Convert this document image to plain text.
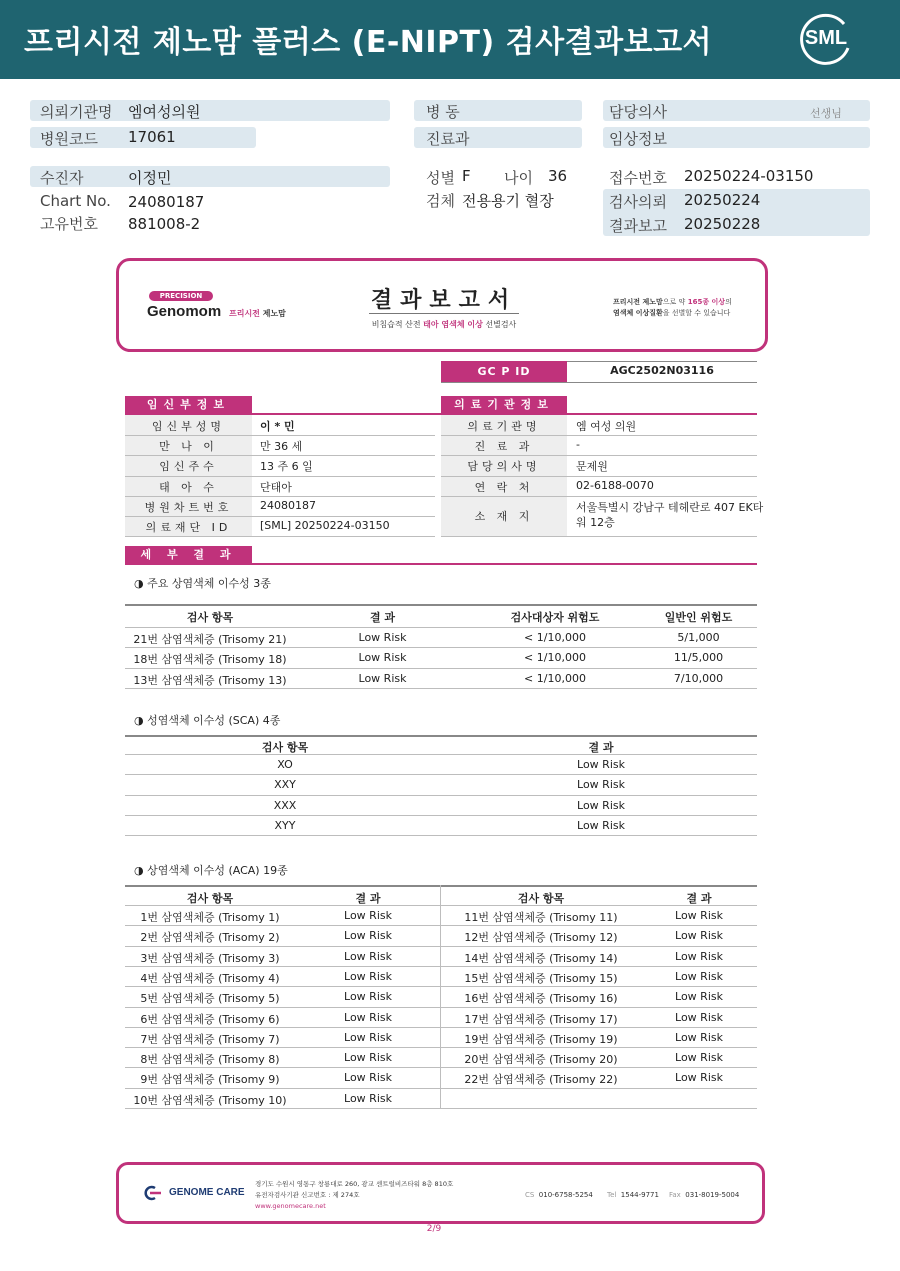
프리시전 제노맘 플러스 (E-NIPT) 검사결과보고서	SML
의뢰기관명 엠여성의원
병원코드 17061
수진자	이정민
Chart No. 24080187
고유번호 881008-2
병 동
진료과
성별 F 나이 36
검체 전용용기 혈장
담당의사	선생님
임상정보
접수번호 20250224-03150
검사의뢰 20250224
결과보고 20250228
PRECISION
Genomom 프리시전 제노맘
결과보고서
비침습적 산전 태아 염색체 이상 선별검사
프리시전 제노맘으로 약 165종 이상의
염색체 이상질환을 선별할 수 있습니다
GC P ID	AGC2502N03116
임신부정보	의료기관정보
임신부성명	이 * 민
만 나 이	만 36 세
임신주수	13 주 6 일
태 아 수	단태아
병원차트번호	24080187
의료재단 ID	[SML] 20250224-03150
의료기관명	엠 여성 의원
진 료 과	-
담당의사명	문제원
연 락 처	02-6188-0070
소 재 지
서울특별시 강남구 테헤란로 407 EK타
워 12층
세 부 결 과
◑ 주요 상염색체 이수성 3종
검사 항목	결 과	검사대상자 위험도	일반인 위험도
21번 삼염색체증 (Trisomy 21)	Low Risk	< 1/10,000	5/1,000
18번 삼염색체증 (Trisomy 18)	Low Risk	< 1/10,000	11/5,000
13번 삼염색체증 (Trisomy 13)	Low Risk	< 1/10,000	7/10,000
◑ 성염색체 이수성 (SCA) 4종
검사 항목	결 과
XO	Low Risk
XXY	Low Risk
XXX	Low Risk
XYY	Low Risk
◑ 상염색체 이수성 (ACA) 19종
검사 항목	결 과	검사 항목	결 과
1번 삼염색체증 (Trisomy 1)	Low Risk	11번 삼염색체증 (Trisomy 11)	Low Risk
2번 삼염색체증 (Trisomy 2)	Low Risk	12번 삼염색체증 (Trisomy 12)	Low Risk
3번 삼염색체증 (Trisomy 3)	Low Risk	14번 삼염색체증 (Trisomy 14)	Low Risk
4번 삼염색체증 (Trisomy 4)	Low Risk	15번 삼염색체증 (Trisomy 15)	Low Risk
5번 삼염색체증 (Trisomy 5)	Low Risk	16번 삼염색체증 (Trisomy 16)	Low Risk
6번 삼염색체증 (Trisomy 6)	Low Risk	17번 삼염색체증 (Trisomy 17)	Low Risk
7번 삼염색체증 (Trisomy 7)	Low Risk	19번 삼염색체증 (Trisomy 19)	Low Risk
8번 삼염색체증 (Trisomy 8)	Low Risk	20번 삼염색체증 (Trisomy 20)	Low Risk
9번 삼염색체증 (Trisomy 9)	Low Risk	22번 삼염색체증 (Trisomy 22)	Low Risk
10번 삼염색체증 (Trisomy 10)	Low Risk
GENOME CARE
경기도 수원시 영통구 창룡대로 260, 광교 센트럴비즈타워 8층 810호
유전자검사기관 신고번호 : 제 274호
www.genomecare.net
CS 010-6758-5254 Tel 1544-9771 Fax 031-8019-5004
2/9
